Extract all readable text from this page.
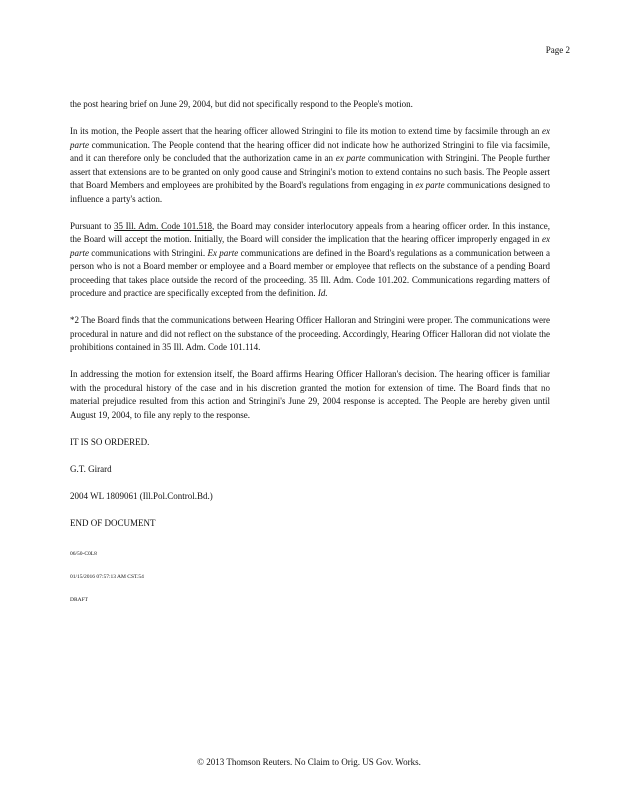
Page 2

the post hearing brief on June 29, 2004, but did not specifically respond to the People's motion.

In its motion, the People assert that the hearing officer allowed Stringini to file its motion to extend time by facsimile through an ex parte communication. The People contend that the hearing officer did not indicate how he authorized Stringini to file via facsimile, and it can therefore only be concluded that the authorization came in an ex parte communication with Stringini. The People further assert that extensions are to be granted on only good cause and Stringini's motion to extend contains no such basis. The People assert that Board Members and employees are prohibited by the Board's regulations from engaging in ex parte communications designed to influence a party's action.

Pursuant to 35 Ill. Adm. Code 101.518, the Board may consider interlocutory appeals from a hearing officer order. In this instance, the Board will accept the motion. Initially, the Board will consider the implication that the hearing officer improperly engaged in ex parte communications with Stringini. Ex parte communications are defined in the Board's regulations as a communication between a person who is not a Board member or employee and a Board member or employee that reflects on the substance of a pending Board proceeding that takes place outside the record of the proceeding. 35 Ill. Adm. Code 101.202. Communications regarding matters of procedure and practice are specifically excepted from the definition. Id.

*2 The Board finds that the communications between Hearing Officer Halloran and Stringini were proper. The communications were procedural in nature and did not reflect on the substance of the proceeding. Accordingly, Hearing Officer Halloran did not violate the prohibitions contained in 35 Ill. Adm. Code 101.114.

In addressing the motion for extension itself, the Board affirms Hearing Officer Halloran's decision. The hearing officer is familiar with the procedural history of the case and in his discretion granted the motion for extension of time. The Board finds that no material prejudice resulted from this action and Stringini's June 29, 2004 response is accepted. The People are hereby given until August 19, 2004, to file any reply to the response.

IT IS SO ORDERED.

G.T. Girard

2004 WL 1809061 (Ill.Pol.Control.Bd.)

END OF DOCUMENT

06/50-C0L8

01/15/2016 07:57:13 AM CST.54

DRAFT

© 2013 Thomson Reuters. No Claim to Orig. US Gov. Works.
